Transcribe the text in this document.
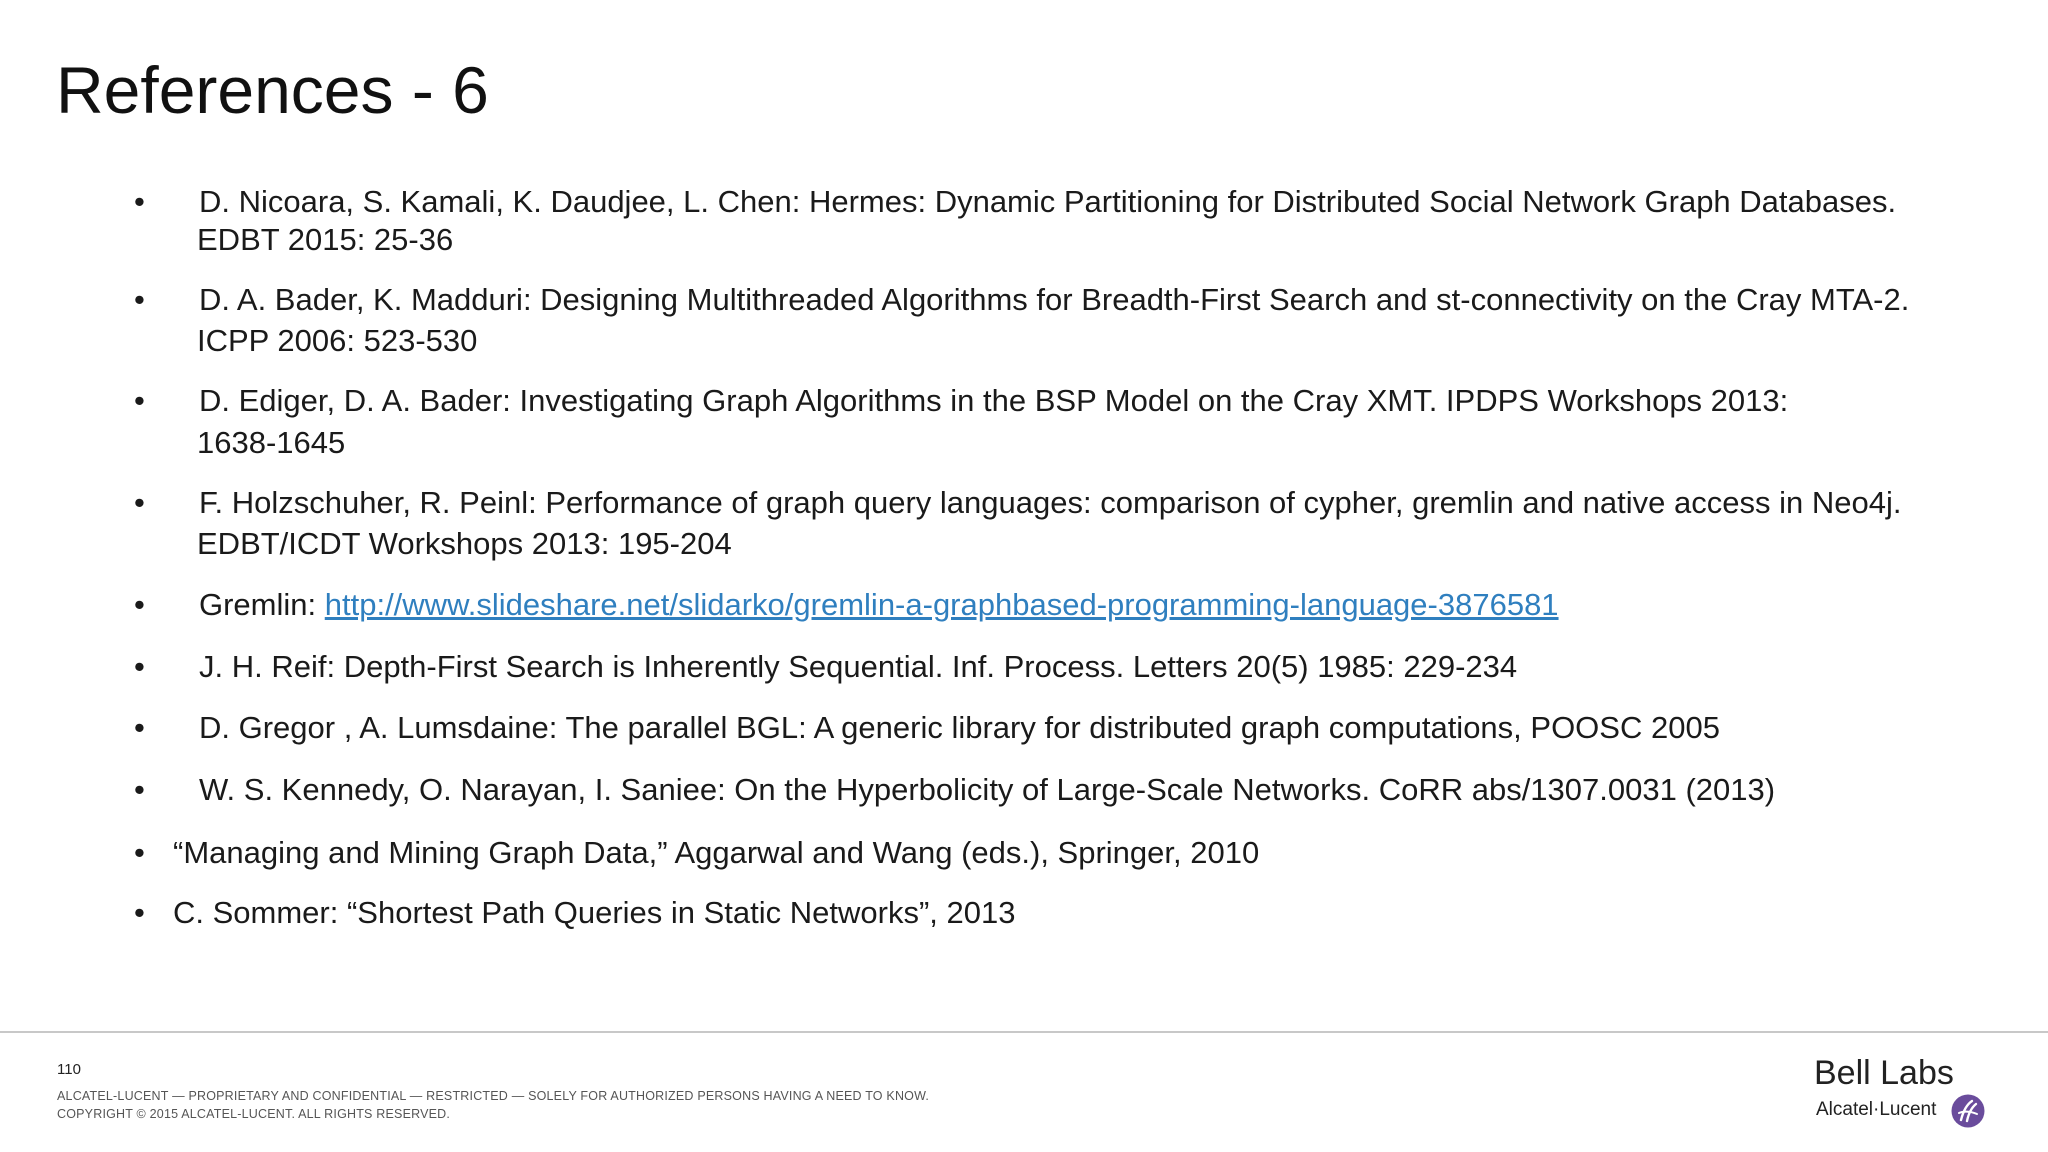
References - 6
• D. Nicoara, S. Kamali, K. Daudjee, L. Chen: Hermes: Dynamic Partitioning for Distributed Social Network Graph Databases.
EDBT 2015: 25-36
• D. A. Bader, K. Madduri: Designing Multithreaded Algorithms for Breadth-First Search and st-connectivity on the Cray MTA-2.
ICPP 2006: 523-530
• D. Ediger, D. A. Bader: Investigating Graph Algorithms in the BSP Model on the Cray XMT. IPDPS Workshops 2013:
1638-1645
• F. Holzschuher, R. Peinl: Performance of graph query languages: comparison of cypher, gremlin and native access in Neo4j.
EDBT/ICDT Workshops 2013: 195-204
• Gremlin: http://www.slideshare.net/slidarko/gremlin-a-graphbased-programming-language-3876581
• J. H. Reif: Depth-First Search is Inherently Sequential. Inf. Process. Letters 20(5) 1985: 229-234
• D. Gregor , A. Lumsdaine: The parallel BGL: A generic library for distributed graph computations, POOSC 2005
• W. S. Kennedy, O. Narayan, I. Saniee: On the Hyperbolicity of Large-Scale Networks. CoRR abs/1307.0031 (2013)
• “Managing and Mining Graph Data,” Aggarwal and Wang (eds.), Springer, 2010
• C. Sommer: “Shortest Path Queries in Static Networks”, 2013
110
ALCATEL-LUCENT — PROPRIETARY AND CONFIDENTIAL — RESTRICTED — SOLELY FOR AUTHORIZED PERSONS HAVING A NEED TO KNOW.
COPYRIGHT © 2015 ALCATEL-LUCENT. ALL RIGHTS RESERVED.
Bell Labs
Alcatel·Lucent
